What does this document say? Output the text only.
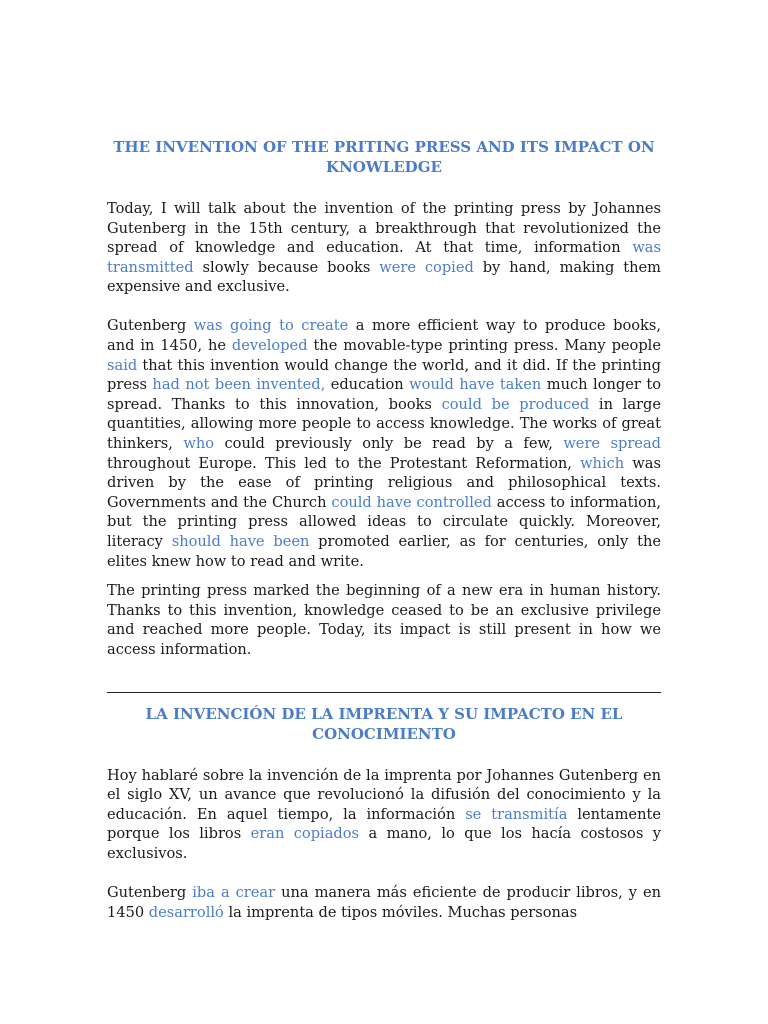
THE INVENTION OF THE PRITING PRESS AND ITS IMPACT ON KNOWLEDGE

Today, I will talk about the invention of the printing press by Johannes Gutenberg in the 15th century, a breakthrough that revolutionized the spread of knowledge and education. At that time, information was transmitted slowly because books were copied by hand, making them expensive and exclusive.

Gutenberg was going to create a more efficient way to produce books, and in 1450, he developed the movable-type printing press. Many people said that this invention would change the world, and it did. If the printing press had not been invented, education would have taken much longer to spread. Thanks to this innovation, books could be produced in large quantities, allowing more people to access knowledge. The works of great thinkers, who could previously only be read by a few, were spread throughout Europe. This led to the Protestant Reformation, which was driven by the ease of printing religious and philosophical texts. Governments and the Church could have controlled access to information, but the printing press allowed ideas to circulate quickly. Moreover, literacy should have been promoted earlier, as for centuries, only the elites knew how to read and write.

The printing press marked the beginning of a new era in human history. Thanks to this invention, knowledge ceased to be an exclusive privilege and reached more people. Today, its impact is still present in how we access information.

LA INVENCIÓN DE LA IMPRENTA Y SU IMPACTO EN EL CONOCIMIENTO

Hoy hablaré sobre la invención de la imprenta por Johannes Gutenberg en el siglo XV, un avance que revolucionó la difusión del conocimiento y la educación. En aquel tiempo, la información se transmitía lentamente porque los libros eran copiados a mano, lo que los hacía costosos y exclusivos.

Gutenberg iba a crear una manera más eficiente de producir libros, y en 1450 desarrolló la imprenta de tipos móviles. Muchas personas
